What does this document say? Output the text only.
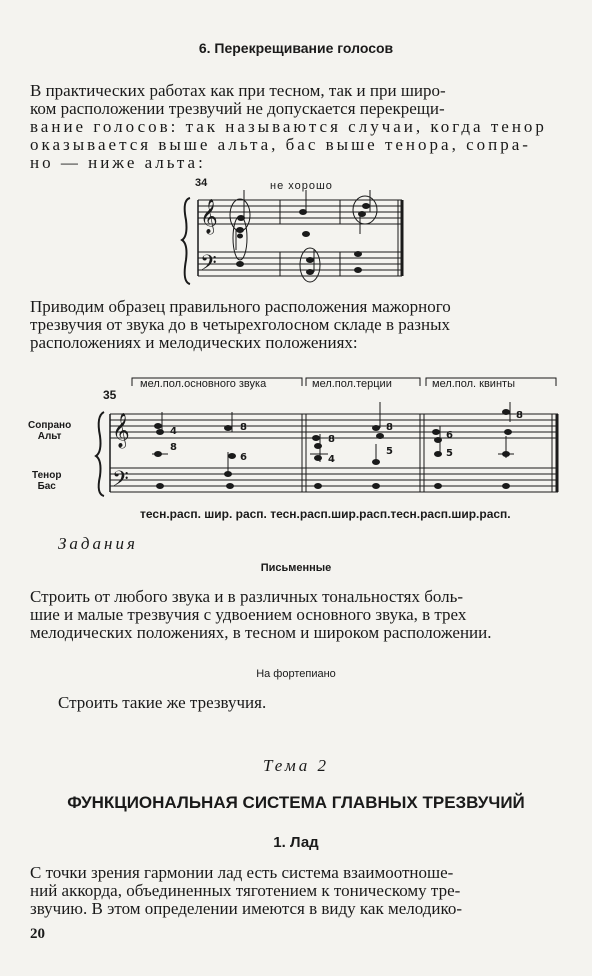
6. Перекрещивание голосов

В практических работах как при тесном, так и при широ-

ком расположении трезвучий не допускается перекрещи-

вание голосов: так называются случаи, когда тенор

оказывается выше альта, бас выше тенора, сопра-

но — ниже альта:

34	не хорошо
𝄞
𝄢

Приводим образец правильного расположения мажорного

трезвучия от звука до в четырехголосном складе в разных

расположениях и мелодических положениях:

35
мел.пол.основного звука	мел.пол.терции	мел.пол. квинты
Сопрано
Альт
Тенор
Бас
𝄞
𝄢
4
8
8
6
8
4
8
5
6
5
8
тесн.расп. шир. расп. тесн.расп.шир.расп.тесн.расп.шир.расп.
Задания
Письменные

Строить от любого звука и в различных тональностях боль-

шие и малые трезвучия с удвоением основного звука, в трех

мелодических положениях, в тесном и широком расположении.

На фортепиано
Строить такие же трезвучия.
Тема 2
ФУНКЦИОНАЛЬНАЯ СИСТЕМА ГЛАВНЫХ ТРЕЗВУЧИЙ
1. Лад

С точки зрения гармонии лад есть система взаимоотноше-

ний аккорда, объединенных тяготением к тоническому тре-

звучию. В этом определении имеются в виду как мелодико-

20
